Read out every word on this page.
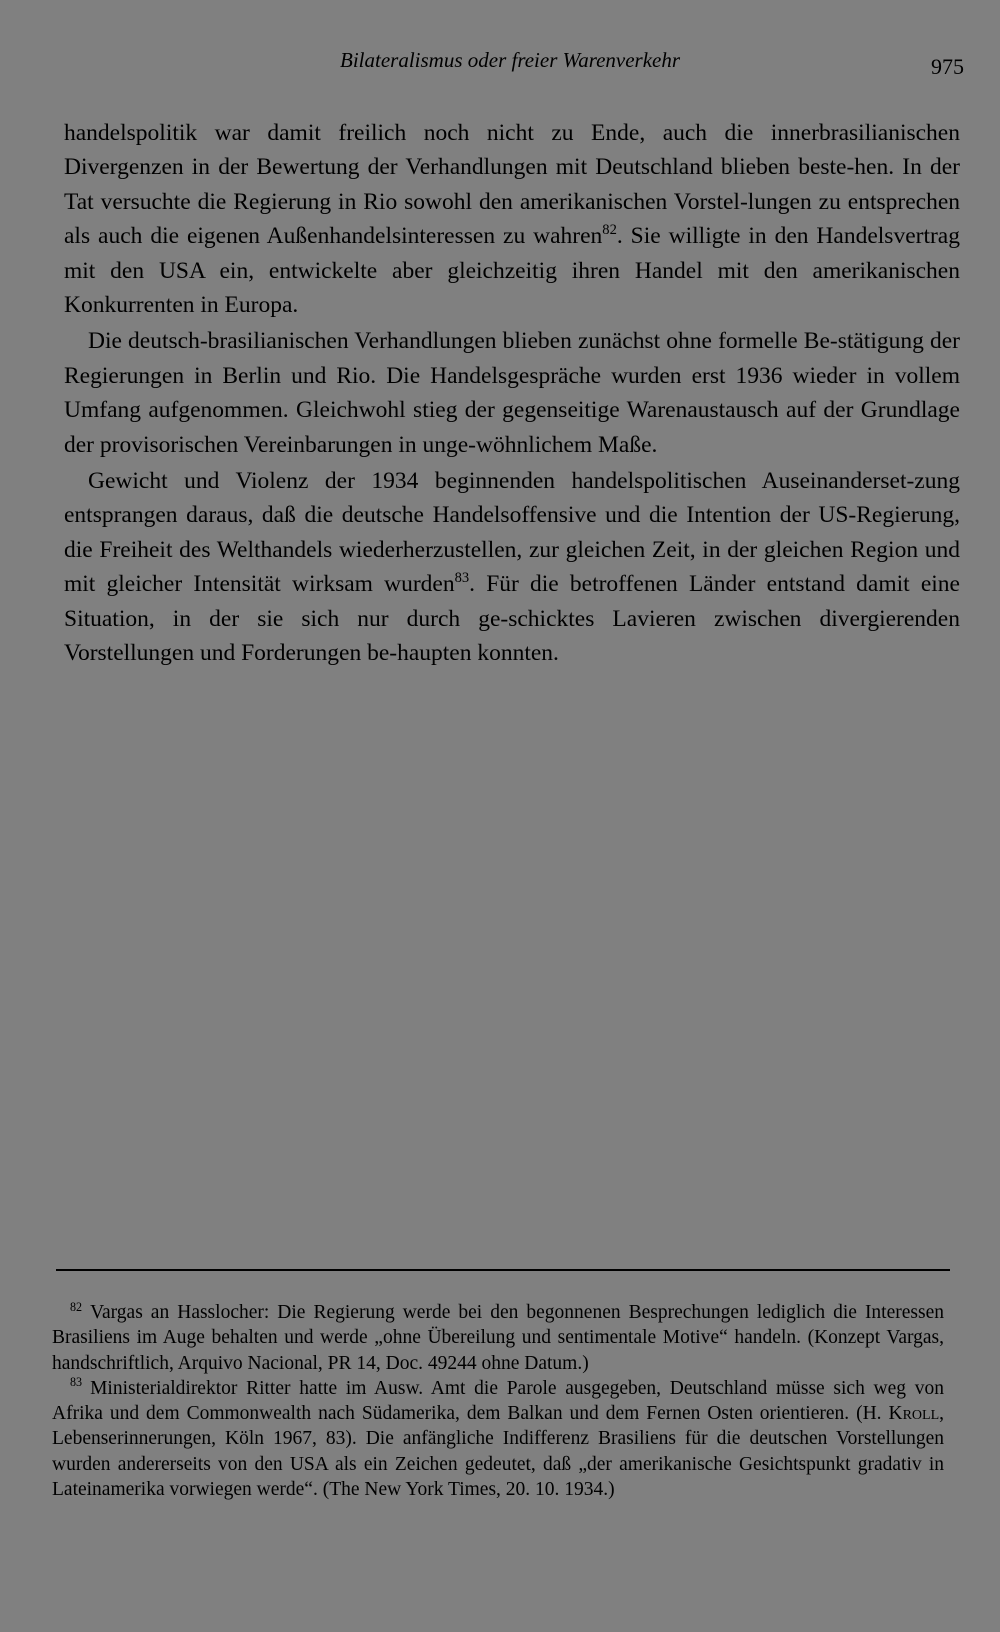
Bilateralismus oder freier Warenverkehr	975

handelspolitik war damit freilich noch nicht zu Ende, auch die innerbrasilianischen Divergenzen in der Bewertung der Verhandlungen mit Deutschland blieben beste-hen. In der Tat versuchte die Regierung in Rio sowohl den amerikanischen Vorstel-lungen zu entsprechen als auch die eigenen Außenhandelsinteressen zu wahren$^{82}$. Sie willigte in den Handelsvertrag mit den USA ein, entwickelte aber gleichzeitig ihren Handel mit den amerikanischen Konkurrenten in Europa.

Die deutsch-brasilianischen Verhandlungen blieben zunächst ohne formelle Be-stätigung der Regierungen in Berlin und Rio. Die Handelsgespräche wurden erst 1936 wieder in vollem Umfang aufgenommen. Gleichwohl stieg der gegenseitige Warenaustausch auf der Grundlage der provisorischen Vereinbarungen in unge-wöhnlichem Maße.

Gewicht und Violenz der 1934 beginnenden handelspolitischen Auseinanderset-zung entsprangen daraus, daß die deutsche Handelsoffensive und die Intention der US-Regierung, die Freiheit des Welthandels wiederherzustellen, zur gleichen Zeit, in der gleichen Region und mit gleicher Intensität wirksam wurden$^{83}$. Für die betroffenen Länder entstand damit eine Situation, in der sie sich nur durch ge-schicktes Lavieren zwischen divergierenden Vorstellungen und Forderungen be-haupten konnten.

$^{82}$ Vargas an Hasslocher: Die Regierung werde bei den begonnenen Besprechungen lediglich die Interessen Brasiliens im Auge behalten und werde „ohne Übereilung und sentimentale Motive“ handeln. (Konzept Vargas, handschriftlich, Arquivo Nacional, PR 14, Doc. 49244 ohne Datum.)

$^{83}$ Ministerialdirektor Ritter hatte im Ausw. Amt die Parole ausgegeben, Deutschland müsse sich weg von Afrika und dem Commonwealth nach Südamerika, dem Balkan und dem Fernen Osten orientieren. (H. Kroll, Lebenserinnerungen, Köln 1967, 83). Die anfängliche Indifferenz Brasiliens für die deutschen Vorstellungen wurden andererseits von den USA als ein Zeichen gedeutet, daß „der amerikanische Gesichtspunkt gradativ in Lateinamerika vorwiegen werde“. (The New York Times, 20. 10. 1934.)
